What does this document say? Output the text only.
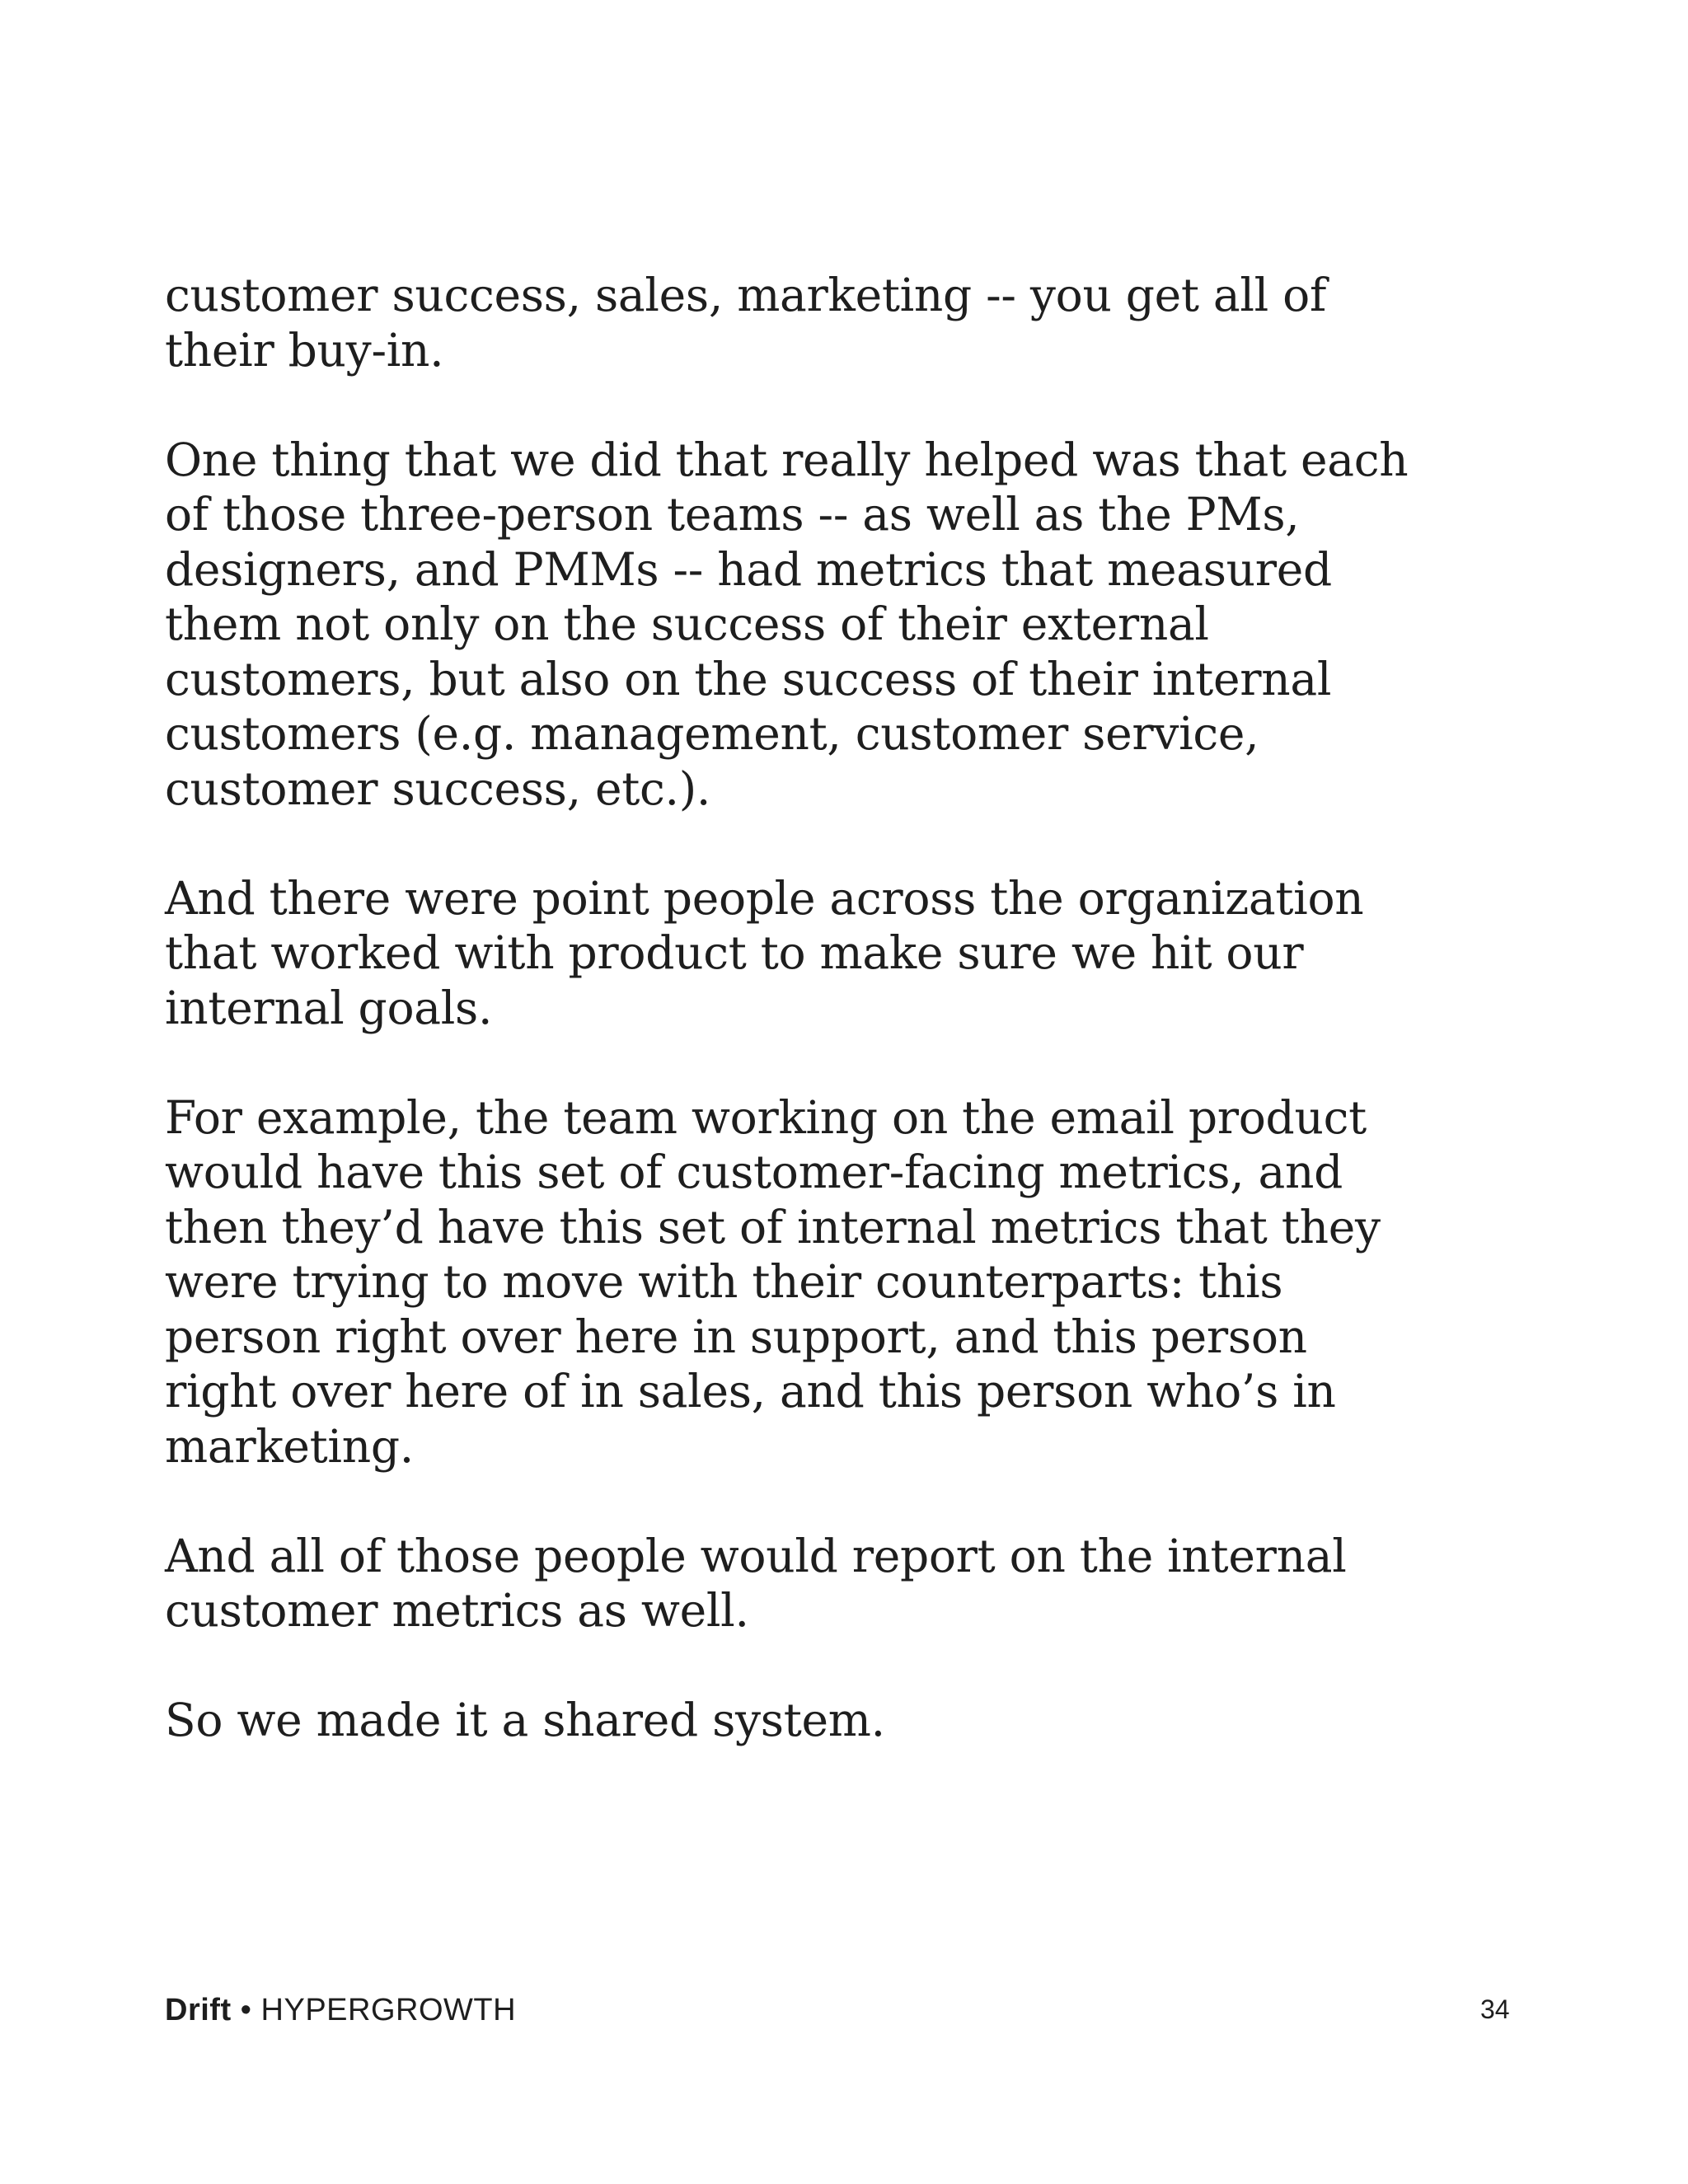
customer success, sales, marketing -- you get all of
their buy-in.

One thing that we did that really helped was that each
of those three-person teams -- as well as the PMs,
designers, and PMMs -- had metrics that measured
them not only on the success of their external
customers, but also on the success of their internal
customers (e.g. management, customer service,
customer success, etc.).

And there were point people across the organization
that worked with product to make sure we hit our
internal goals.

For example, the team working on the email product
would have this set of customer-facing metrics, and
then they’d have this set of internal metrics that they
were trying to move with their counterparts: this
person right over here in support, and this person
right over here of in sales, and this person who’s in
marketing.

And all of those people would report on the internal
customer metrics as well.

So we made it a shared system.

Drift • HYPERGROWTH	34
